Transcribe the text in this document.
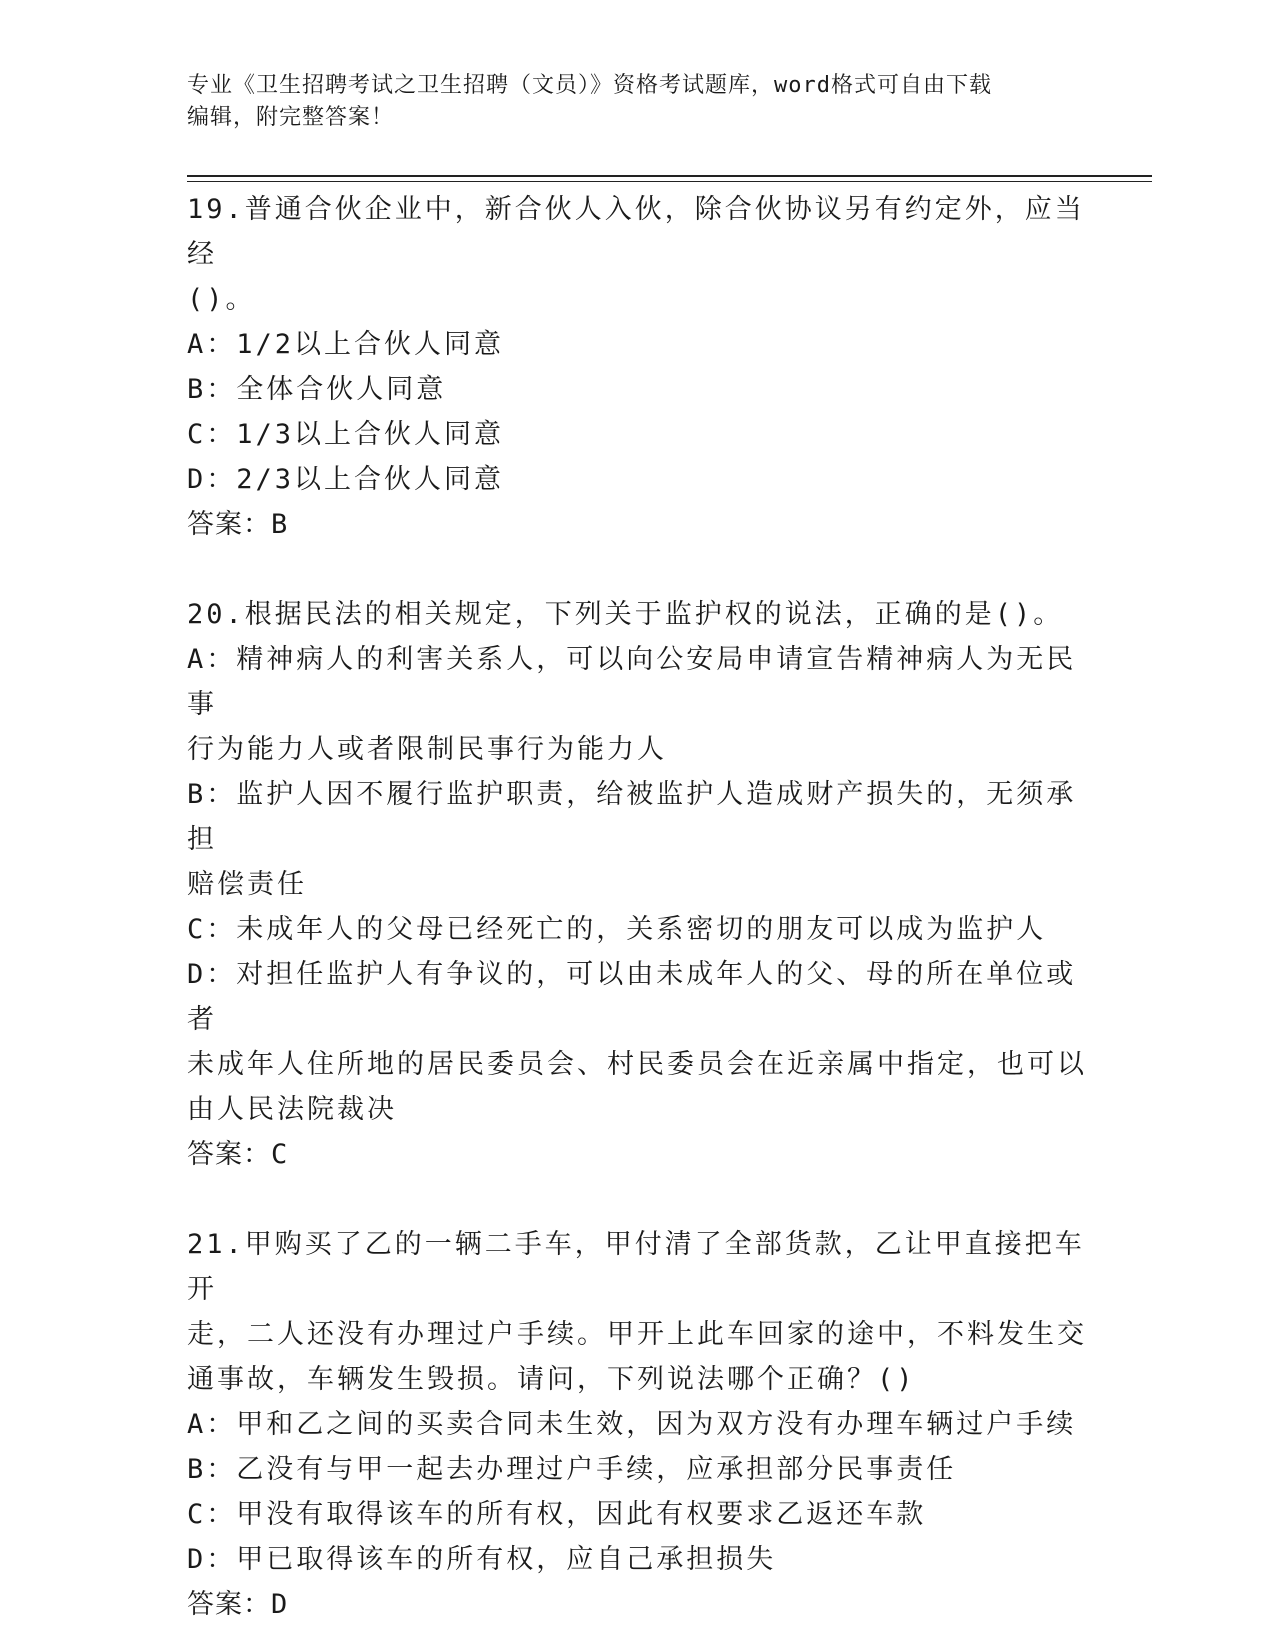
专业《卫生招聘考试之卫生招聘（文员）》资格考试题库，word格式可自由下载
编辑，附完整答案！
19.普通合伙企业中，新合伙人入伙，除合伙协议另有约定外，应当经
()。
A：1/2以上合伙人同意
B：全体合伙人同意
C：1/3以上合伙人同意
D：2/3以上合伙人同意
答案：B
20.根据民法的相关规定，下列关于监护权的说法，正确的是()。
A：精神病人的利害关系人，可以向公安局申请宣告精神病人为无民事
行为能力人或者限制民事行为能力人
B：监护人因不履行监护职责，给被监护人造成财产损失的，无须承担
赔偿责任
C：未成年人的父母已经死亡的，关系密切的朋友可以成为监护人
D：对担任监护人有争议的，可以由未成年人的父、母的所在单位或者
未成年人住所地的居民委员会、村民委员会在近亲属中指定，也可以
由人民法院裁决
答案：C
21.甲购买了乙的一辆二手车，甲付清了全部货款，乙让甲直接把车开
走，二人还没有办理过户手续。甲开上此车回家的途中，不料发生交
通事故，车辆发生毁损。请问，下列说法哪个正确？()
A：甲和乙之间的买卖合同未生效，因为双方没有办理车辆过户手续
B：乙没有与甲一起去办理过户手续，应承担部分民事责任
C：甲没有取得该车的所有权，因此有权要求乙返还车款
D：甲已取得该车的所有权，应自己承担损失
答案：D
